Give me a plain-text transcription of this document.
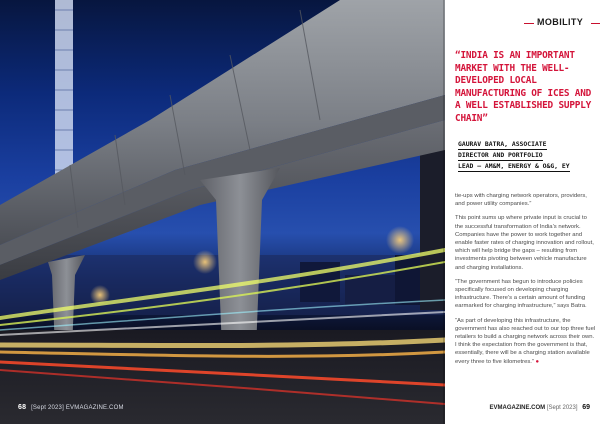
68 [Sept 2023] EVMAGAZINE.COM
MOBILITY
“INDIA IS AN IMPORTANT MARKET WITH THE WELL-DEVELOPED LOCAL MANUFACTURING OF ICES AND A WELL ESTABLISHED SUPPLY CHAIN”
GAURAV BATRA, ASSOCIATE
DIRECTOR AND PORTFOLIO
LEAD – AM&M, ENERGY & O&G, EY

tie-ups with charging network operators, providers, and power utility companies.”

This point sums up where private input is crucial to the successful transformation of India’s network. Companies have the power to work together and enable faster rates of charging innovation and rollout, which will help bridge the gaps – resulting from investments pivoting between vehicle manufacture and charging installations.

“The government has begun to introduce policies specifically focused on developing charging infrastructure. There’s a certain amount of funding earmarked for charging infrastructure,” says Batra.

“As part of developing this infrastructure, the government has also reached out to our top three fuel retailers to build a charging network across their own. I think the expectation from the government is that, essentially, there will be a charging station available every three to five kilometres.” ●

EVMAGAZINE.COM [Sept 2023] 69
